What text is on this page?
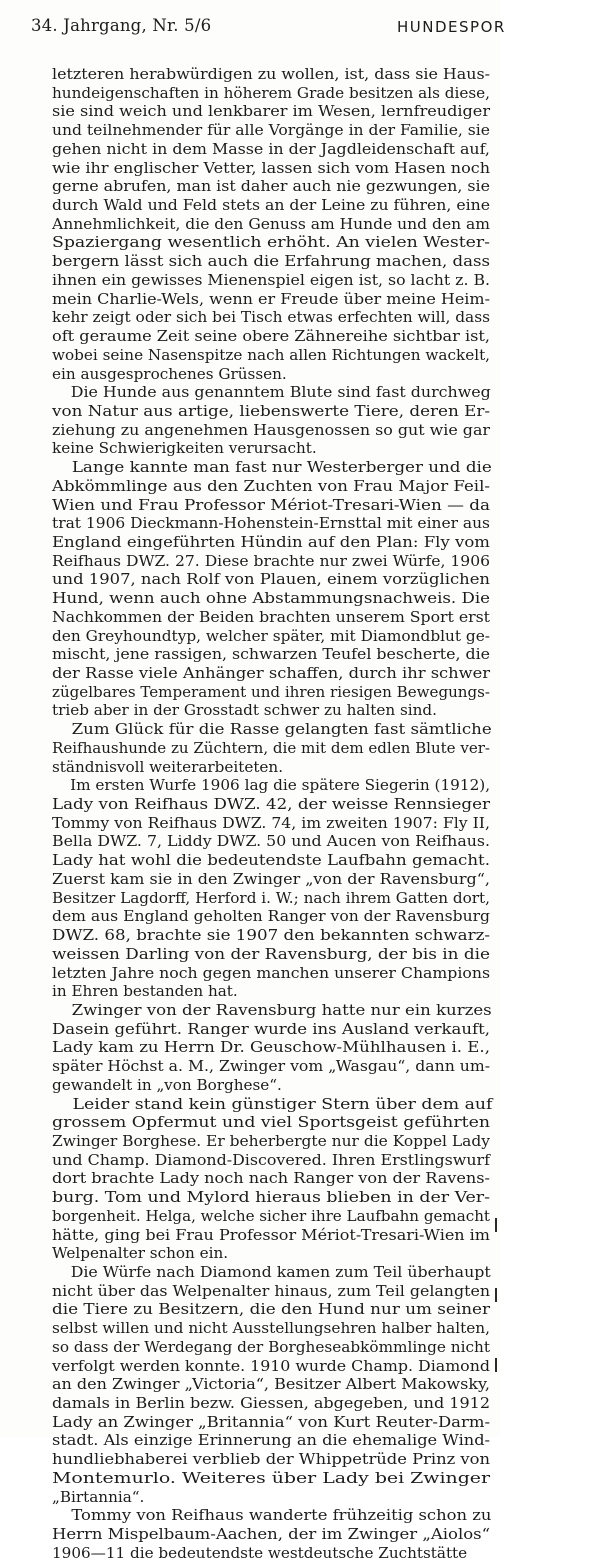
34. Jahrgang, Nr. 5/6	HUNDESPOR
letzteren herabwürdigen zu wollen, ist, dass sie Haus-
hundeigenschaften in höherem Grade besitzen als diese,
sie sind weich und lenkbarer im Wesen, lernfreudiger
und teilnehmender für alle Vorgänge in der Familie, sie
gehen nicht in dem Masse in der Jagdleidenschaft auf,
wie ihr englischer Vetter, lassen sich vom Hasen noch
gerne abrufen, man ist daher auch nie gezwungen, sie
durch Wald und Feld stets an der Leine zu führen, eine
Annehmlichkeit, die den Genuss am Hunde und den am
Spaziergang wesentlich erhöht. An vielen Wester-
bergern lässt sich auch die Erfahrung machen, dass
ihnen ein gewisses Mienenspiel eigen ist, so lacht z. B.
mein Charlie-Wels, wenn er Freude über meine Heim-
kehr zeigt oder sich bei Tisch etwas erfechten will, dass
oft geraume Zeit seine obere Zähnereihe sichtbar ist,
wobei seine Nasenspitze nach allen Richtungen wackelt,
ein ausgesprochenes Grüssen.
Die Hunde aus genanntem Blute sind fast durchweg
von Natur aus artige, liebenswerte Tiere, deren Er-
ziehung zu angenehmen Hausgenossen so gut wie gar
keine Schwierigkeiten verursacht.
Lange kannte man fast nur Westerberger und die
Abkömmlinge aus den Zuchten von Frau Major Feil-
Wien und Frau Professor Mériot-Tresari-Wien — da
trat 1906 Dieckmann-Hohenstein-Ernsttal mit einer aus
England eingeführten Hündin auf den Plan: Fly vom
Reifhaus DWZ. 27. Diese brachte nur zwei Würfe, 1906
und 1907, nach Rolf von Plauen, einem vorzüglichen
Hund, wenn auch ohne Abstammungsnachweis. Die
Nachkommen der Beiden brachten unserem Sport erst
den Greyhoundtyp, welcher später, mit Diamondblut ge-
mischt, jene rassigen, schwarzen Teufel bescherte, die
der Rasse viele Anhänger schaffen, durch ihr schwer
zügelbares Temperament und ihren riesigen Bewegungs-
trieb aber in der Grosstadt schwer zu halten sind.
Zum Glück für die Rasse gelangten fast sämtliche
Reifhaushunde zu Züchtern, die mit dem edlen Blute ver-
ständnisvoll weiterarbeiteten.
Im ersten Wurfe 1906 lag die spätere Siegerin (1912),
Lady von Reifhaus DWZ. 42, der weisse Rennsieger
Tommy von Reifhaus DWZ. 74, im zweiten 1907: Fly II,
Bella DWZ. 7, Liddy DWZ. 50 und Aucen von Reifhaus.
Lady hat wohl die bedeutendste Laufbahn gemacht.
Zuerst kam sie in den Zwinger „von der Ravensburg“,
Besitzer Lagdorff, Herford i. W.; nach ihrem Gatten dort,
dem aus England geholten Ranger von der Ravensburg
DWZ. 68, brachte sie 1907 den bekannten schwarz-
weissen Darling von der Ravensburg, der bis in die
letzten Jahre noch gegen manchen unserer Champions
in Ehren bestanden hat.
Zwinger von der Ravensburg hatte nur ein kurzes
Dasein geführt. Ranger wurde ins Ausland verkauft,
Lady kam zu Herrn Dr. Geuschow-Mühlhausen i. E.,
später Höchst a. M., Zwinger vom „Wasgau“, dann um-
gewandelt in „von Borghese“.
Leider stand kein günstiger Stern über dem auf
grossem Opfermut und viel Sportsgeist geführten
Zwinger Borghese. Er beherbergte nur die Koppel Lady
und Champ. Diamond-Discovered. Ihren Erstlingswurf
dort brachte Lady noch nach Ranger von der Ravens-
burg. Tom und Mylord hieraus blieben in der Ver-
borgenheit. Helga, welche sicher ihre Laufbahn gemacht
hätte, ging bei Frau Professor Mériot-Tresari-Wien im
Welpenalter schon ein.
Die Würfe nach Diamond kamen zum Teil überhaupt
nicht über das Welpenalter hinaus, zum Teil gelangten
die Tiere zu Besitzern, die den Hund nur um seiner
selbst willen und nicht Ausstellungsehren halber halten,
so dass der Werdegang der Borgheseabkömmlinge nicht
verfolgt werden konnte. 1910 wurde Champ. Diamond
an den Zwinger „Victoria“, Besitzer Albert Makowsky,
damals in Berlin bezw. Giessen, abgegeben, und 1912
Lady an Zwinger „Britannia“ von Kurt Reuter-Darm-
stadt. Als einzige Erinnerung an die ehemalige Wind-
hundliebhaberei verblieb der Whippetrüde Prinz von
Montemurlo. Weiteres über Lady bei Zwinger
„Birtannia“.
Tommy von Reifhaus wanderte frühzeitig schon zu
Herrn Mispelbaum-Aachen, der im Zwinger „Aiolos“
1906—11 die bedeutendste westdeutsche Zuchtstätte
